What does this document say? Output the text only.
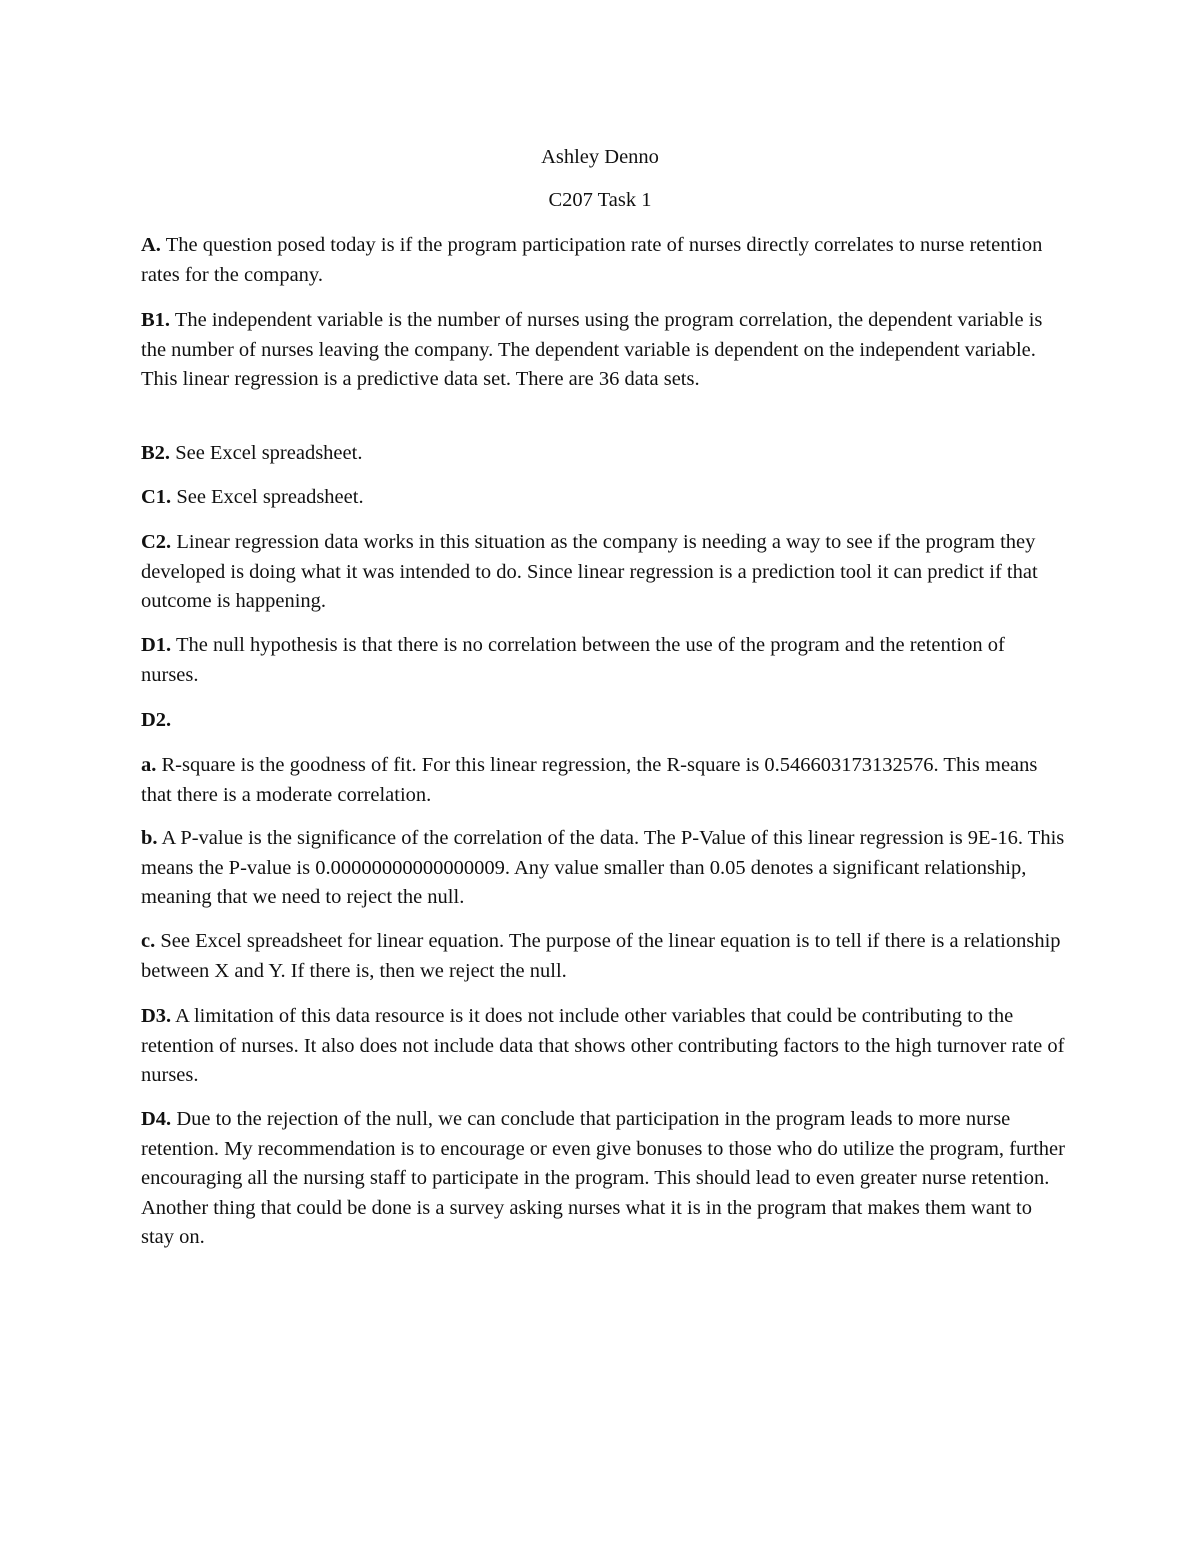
Ashley Denno
C207 Task 1

A. The question posed today is if the program participation rate of nurses directly correlates to nurse retention rates for the company.

B1. The independent variable is the number of nurses using the program correlation, the dependent variable is the number of nurses leaving the company. The dependent variable is dependent on the independent variable. This linear regression is a predictive data set. There are 36 data sets.

B2. See Excel spreadsheet.

C1. See Excel spreadsheet.

C2. Linear regression data works in this situation as the company is needing a way to see if the program they developed is doing what it was intended to do. Since linear regression is a prediction tool it can predict if that outcome is happening.

D1. The null hypothesis is that there is no correlation between the use of the program and the retention of nurses.

D2.

a. R-square is the goodness of fit. For this linear regression, the R-square is 0.546603173132576. This means that there is a moderate correlation.

b. A P-value is the significance of the correlation of the data. The P-Value of this linear regression is 9E-16. This means the P-value is 0.00000000000000009. Any value smaller than 0.05 denotes a significant relationship, meaning that we need to reject the null.

c. See Excel spreadsheet for linear equation. The purpose of the linear equation is to tell if there is a relationship between X and Y. If there is, then we reject the null.

D3. A limitation of this data resource is it does not include other variables that could be contributing to the retention of nurses. It also does not include data that shows other contributing factors to the high turnover rate of nurses.

D4. Due to the rejection of the null, we can conclude that participation in the program leads to more nurse retention. My recommendation is to encourage or even give bonuses to those who do utilize the program, further encouraging all the nursing staff to participate in the program. This should lead to even greater nurse retention. Another thing that could be done is a survey asking nurses what it is in the program that makes them want to stay on.
